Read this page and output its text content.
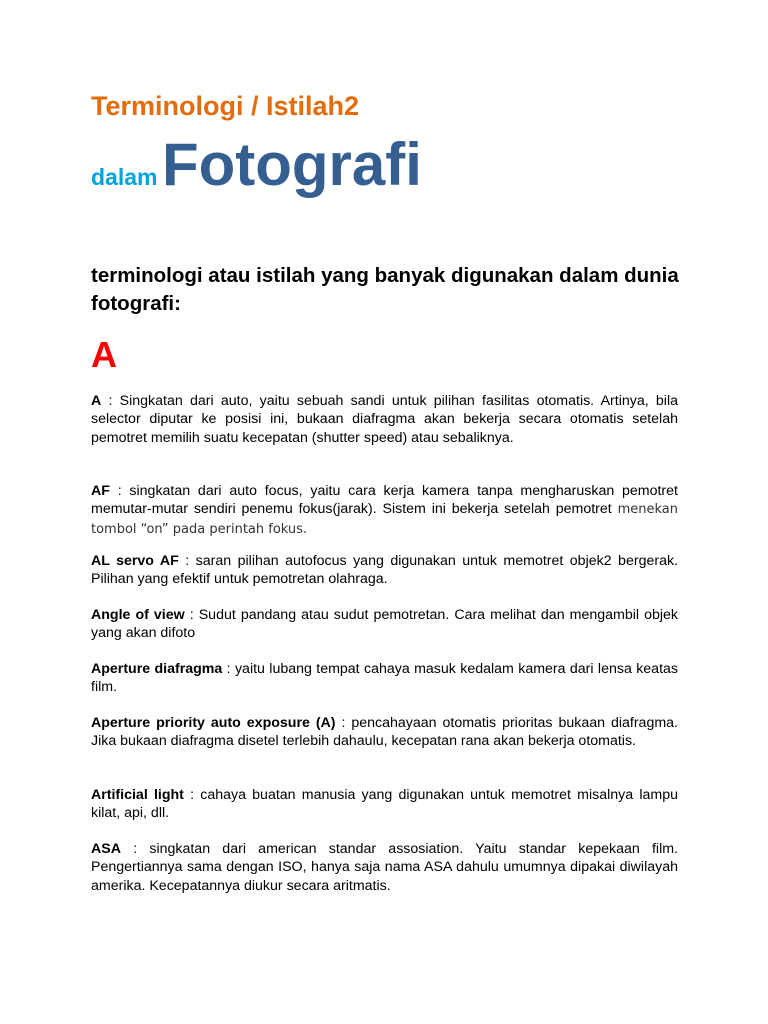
Terminologi / Istilah2
dalam Fotografi
terminologi atau istilah yang banyak digunakan dalam dunia fotografi:
A
A : Singkatan dari auto, yaitu sebuah sandi untuk pilihan fasilitas otomatis. Artinya, bila selector diputar ke posisi ini, bukaan diafragma akan bekerja secara otomatis setelah pemotret memilih suatu kecepatan (shutter speed) atau sebaliknya.
AF : singkatan dari auto focus, yaitu cara kerja kamera tanpa mengharuskan pemotret memutar-mutar sendiri penemu fokus(jarak). Sistem ini bekerja setelah pemotret menekan tombol “on” pada perintah fokus.
AL servo AF : saran pilihan autofocus yang digunakan untuk memotret objek2 bergerak. Pilihan yang efektif untuk pemotretan olahraga.
Angle of view : Sudut pandang atau sudut pemotretan. Cara melihat dan mengambil objek yang akan difoto
Aperture diafragma : yaitu lubang tempat cahaya masuk kedalam kamera dari lensa keatas film.
Aperture priority auto exposure (A) : pencahayaan otomatis prioritas bukaan diafragma. Jika bukaan diafragma disetel terlebih dahaulu, kecepatan rana akan bekerja otomatis.
Artificial light : cahaya buatan manusia yang digunakan untuk memotret misalnya lampu kilat, api, dll.
ASA : singkatan dari american standar assosiation. Yaitu standar kepekaan film. Pengertiannya sama dengan ISO, hanya saja nama ASA dahulu umumnya dipakai diwilayah amerika. Kecepatannya diukur secara aritmatis.
